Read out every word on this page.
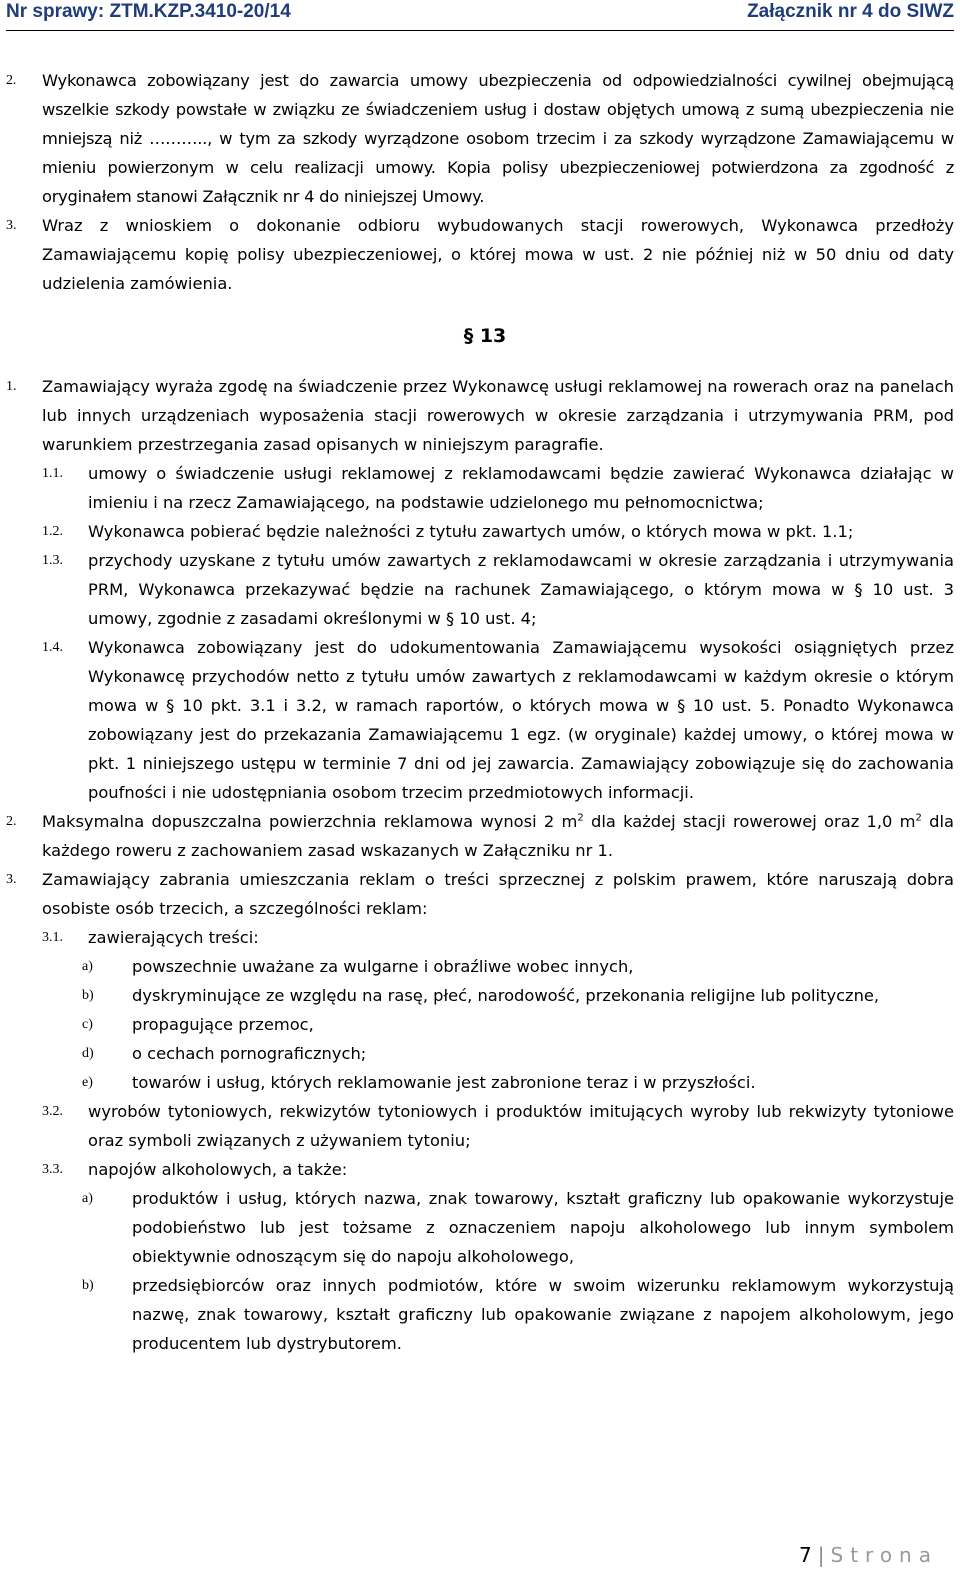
Nr sprawy: ZTM.KZP.3410-20/14	Załącznik nr 4 do SIWZ
2. Wykonawca zobowiązany jest do zawarcia umowy ubezpieczenia od odpowiedzialności cywilnej obejmującą wszelkie szkody powstałe w związku ze świadczeniem usług i dostaw objętych umową z sumą ubezpieczenia nie mniejszą niż ……….., w tym za szkody wyrządzone osobom trzecim i za szkody wyrządzone Zamawiającemu w mieniu powierzonym w celu realizacji umowy. Kopia polisy ubezpieczeniowej potwierdzona za zgodność z oryginałem stanowi Załącznik nr 4 do niniejszej Umowy.
3. Wraz z wnioskiem o dokonanie odbioru wybudowanych stacji rowerowych, Wykonawca przedłoży Zamawiającemu kopię polisy ubezpieczeniowej, o której mowa w ust. 2 nie później niż w 50 dniu od daty udzielenia zamówienia.
§ 13
1. Zamawiający wyraża zgodę na świadczenie przez Wykonawcę usługi reklamowej na rowerach oraz na panelach lub innych urządzeniach wyposażenia stacji rowerowych w okresie zarządzania i utrzymywania PRM, pod warunkiem przestrzegania zasad opisanych w niniejszym paragrafie.
1.1. umowy o świadczenie usługi reklamowej z reklamodawcami będzie zawierać Wykonawca działając w imieniu i na rzecz Zamawiającego, na podstawie udzielonego mu pełnomocnictwa;
1.2. Wykonawca pobierać będzie należności z tytułu zawartych umów, o których mowa w pkt. 1.1;
1.3. przychody uzyskane z tytułu umów zawartych z reklamodawcami w okresie zarządzania i utrzymywania PRM, Wykonawca przekazywać będzie na rachunek Zamawiającego, o którym mowa w § 10 ust. 3 umowy, zgodnie z zasadami określonymi w § 10 ust. 4;
1.4. Wykonawca zobowiązany jest do udokumentowania Zamawiającemu wysokości osiągniętych przez Wykonawcę przychodów netto z tytułu umów zawartych z reklamodawcami w każdym okresie o którym mowa w § 10 pkt. 3.1 i 3.2, w ramach raportów, o których mowa w § 10 ust. 5. Ponadto Wykonawca zobowiązany jest do przekazania Zamawiającemu 1 egz. (w oryginale) każdej umowy, o której mowa w pkt. 1 niniejszego ustępu w terminie 7 dni od jej zawarcia. Zamawiający zobowiązuje się do zachowania poufności i nie udostępniania osobom trzecim przedmiotowych informacji.
2. Maksymalna dopuszczalna powierzchnia reklamowa wynosi 2 $m^2$ dla każdej stacji rowerowej oraz 1,0 $m^2$ dla każdego roweru z zachowaniem zasad wskazanych w Załączniku nr 1.
3. Zamawiający zabrania umieszczania reklam o treści sprzecznej z polskim prawem, które naruszają dobra osobiste osób trzecich, a szczególności reklam:
3.1. zawierających treści:
a) powszechnie uważane za wulgarne i obraźliwe wobec innych,
b) dyskryminujące ze względu na rasę, płeć, narodowość, przekonania religijne lub polityczne,
c) propagujące przemoc,
d) o cechach pornograficznych;
e) towarów i usług, których reklamowanie jest zabronione teraz i w przyszłości.
3.2. wyrobów tytoniowych, rekwizytów tytoniowych i produktów imitujących wyroby lub rekwizyty tytoniowe oraz symboli związanych z używaniem tytoniu;
3.3. napojów alkoholowych, a także:
a) produktów i usług, których nazwa, znak towarowy, kształt graficzny lub opakowanie wykorzystuje podobieństwo lub jest tożsame z oznaczeniem napoju alkoholowego lub innym symbolem obiektywnie odnoszącym się do napoju alkoholowego,
b) przedsiębiorców oraz innych podmiotów, które w swoim wizerunku reklamowym wykorzystują nazwę, znak towarowy, kształt graficzny lub opakowanie związane z napojem alkoholowym, jego producentem lub dystrybutorem.
7 | Strona
